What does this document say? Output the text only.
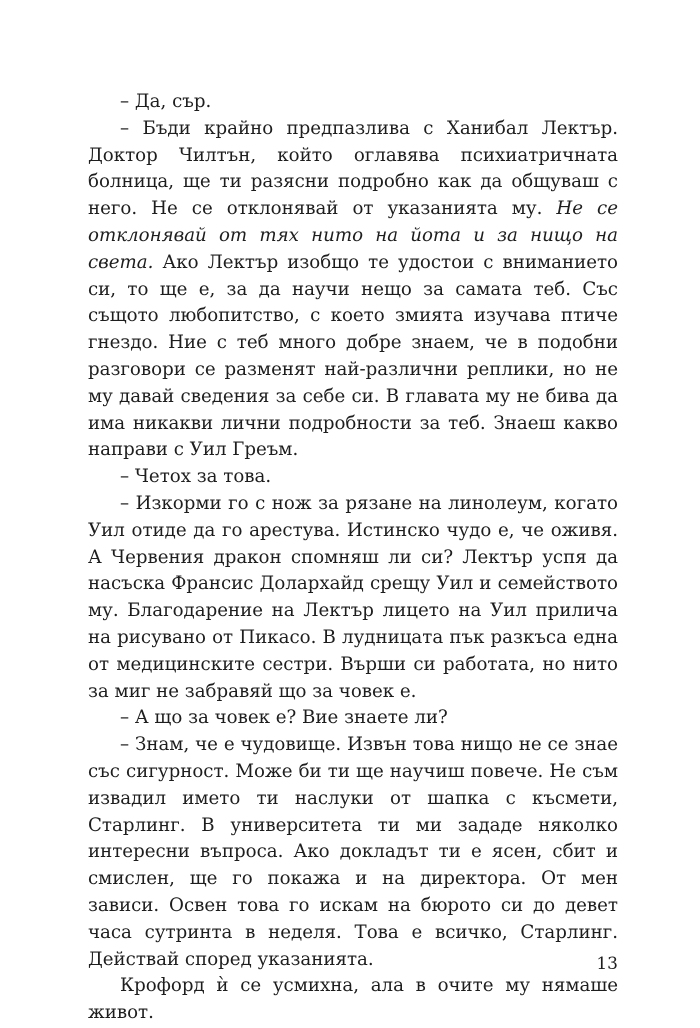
– Да, сър.

– Бъди крайно предпазлива с Ханибал Лектър. Доктор Чилтън, който оглавява психиатричната болница, ще ти разясни подробно как да общуваш с него. Не се отклонявай от указанията му. Не се отклонявай от тях нито на йота и за нищо на света. Ако Лектър изобщо те удостои с вниманието си, то ще е, за да научи нещо за самата теб. Със същото любопитство, с което змията изучава птиче гнездо. Ние с теб много добре знаем, че в подобни разговори се разменят най-различни реплики, но не му давай сведения за себе си. В главата му не бива да има никакви лични подробности за теб. Знаеш какво направи с Уил Греъм.

– Четох за това.

– Изкорми го с нож за рязане на линолеум, когато Уил отиде да го арестува. Истинско чудо е, че оживя. А Червения дракон спомняш ли си? Лектър успя да насъска Франсис Долархайд срещу Уил и семейството му. Благодарение на Лектър лицето на Уил прилича на рисувано от Пикасо. В лудницата пък разкъса една от медицинските сестри. Върши си работата, но нито за миг не забравяй що за човек е.

– А що за човек е? Вие знаете ли?

– Знам, че е чудовище. Извън това нищо не се знае със сигурност. Може би ти ще научиш повече. Не съм извадил името ти наслуки от шапка с късмети, Старлинг. В университета ти ми зададе няколко интересни въпроса. Ако докладът ти е ясен, сбит и смислен, ще го покажа и на директора. От мен зависи. Освен това го искам на бюрото си до девет часа сутринта в неделя. Това е всичко, Старлинг. Действай според указанията.

Крофорд ѝ се усмихна, ала в очите му нямаше живот.

13
